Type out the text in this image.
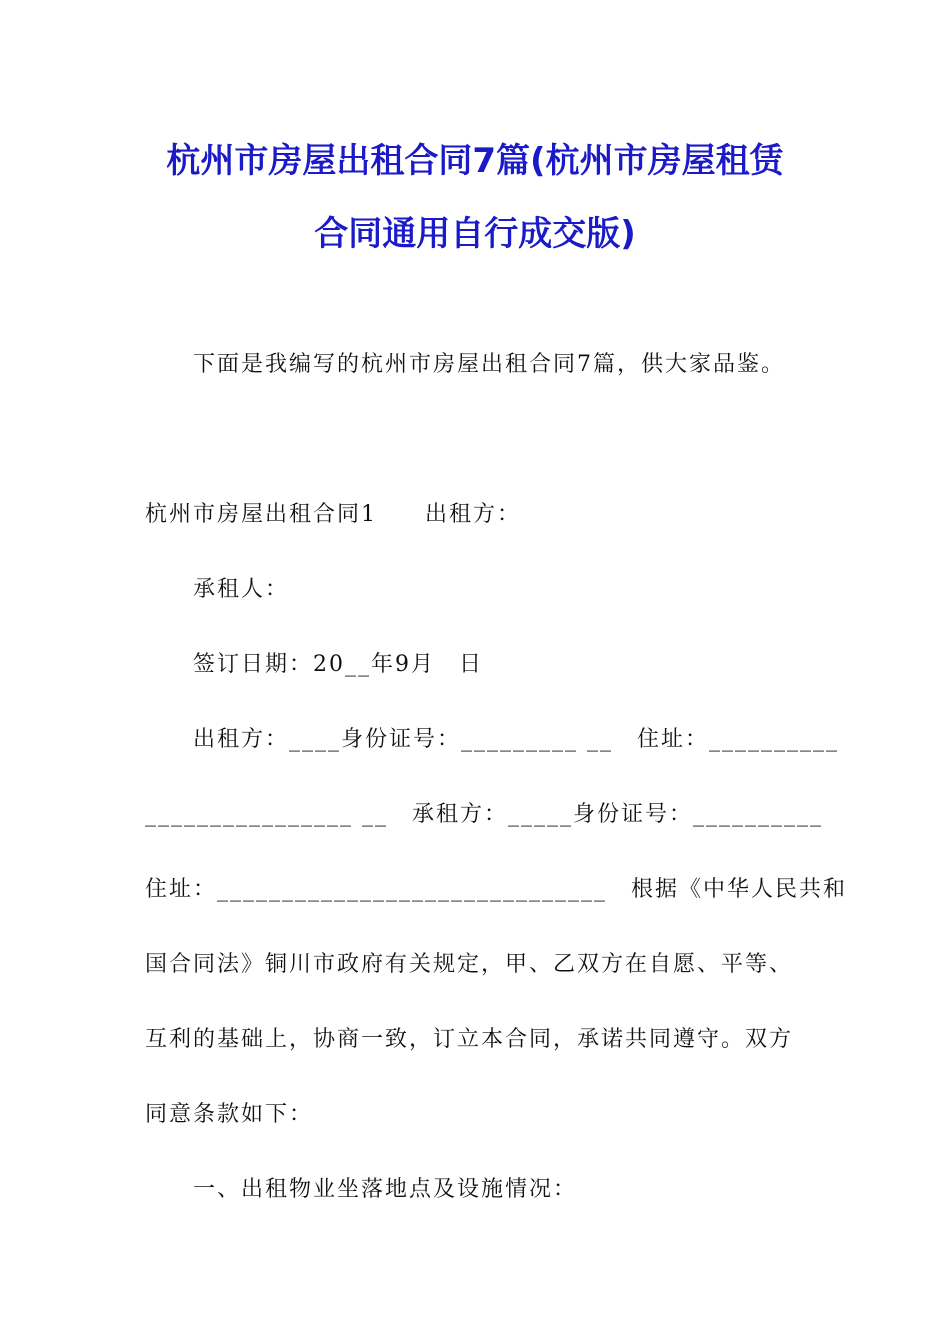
杭州市房屋出租合同7篇(杭州市房屋租赁
合同通用自行成交版)
下面是我编写的杭州市房屋出租合同7篇，供大家品鉴。
杭州市房屋出租合同1　　出租方：
承租人：
签订日期：20__年9月　日
出租方：____身份证号：_________ __　住址：__________
________________ __　承租方：_____身份证号：__________
住址：______________________________　根据《中华人民共和
国合同法》铜川市政府有关规定，甲、乙双方在自愿、平等、
互利的基础上，协商一致，订立本合同，承诺共同遵守。双方
同意条款如下：
一、出租物业坐落地点及设施情况：
